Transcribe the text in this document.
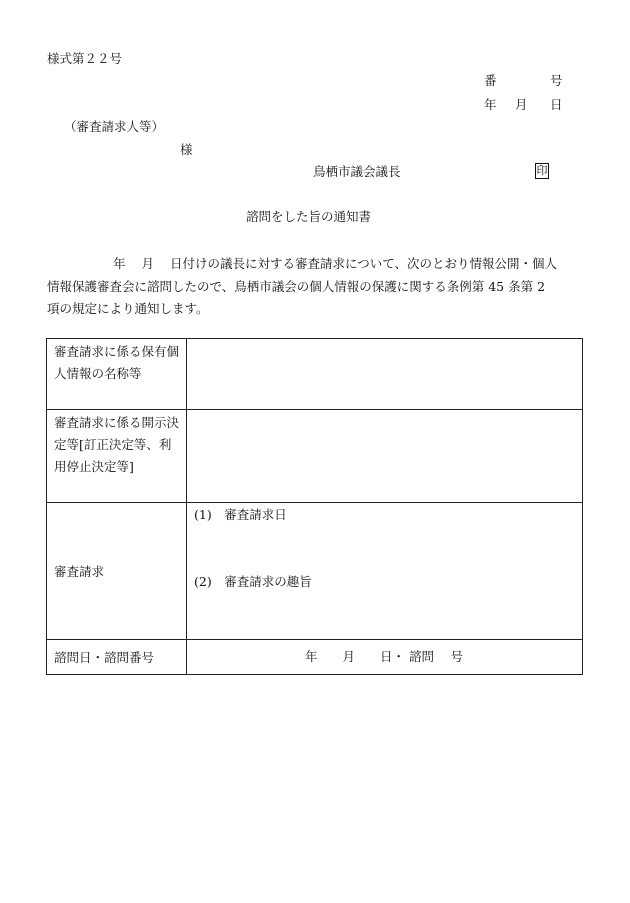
様式第２２号
番	号
年 月 日
（審査請求人等）
様
鳥栖市議会議長	印
諮問をした旨の通知書
年 月 日付けの議長に対する審査請求について、次のとおり情報公開・個人
情報保護審査会に諮問したので、鳥栖市議会の個人情報の保護に関する条例第 45 条第 2
項の規定により通知します。
審査請求に係る保有個人情報の名称等	
審査請求に係る開示決定等[訂正決定等、利用停止決定等]	
審査請求	(1)　審査請求日
(2)　審査請求の趣旨

諮問日・諮問番号	年　　月　　日・ 諮問　 号
